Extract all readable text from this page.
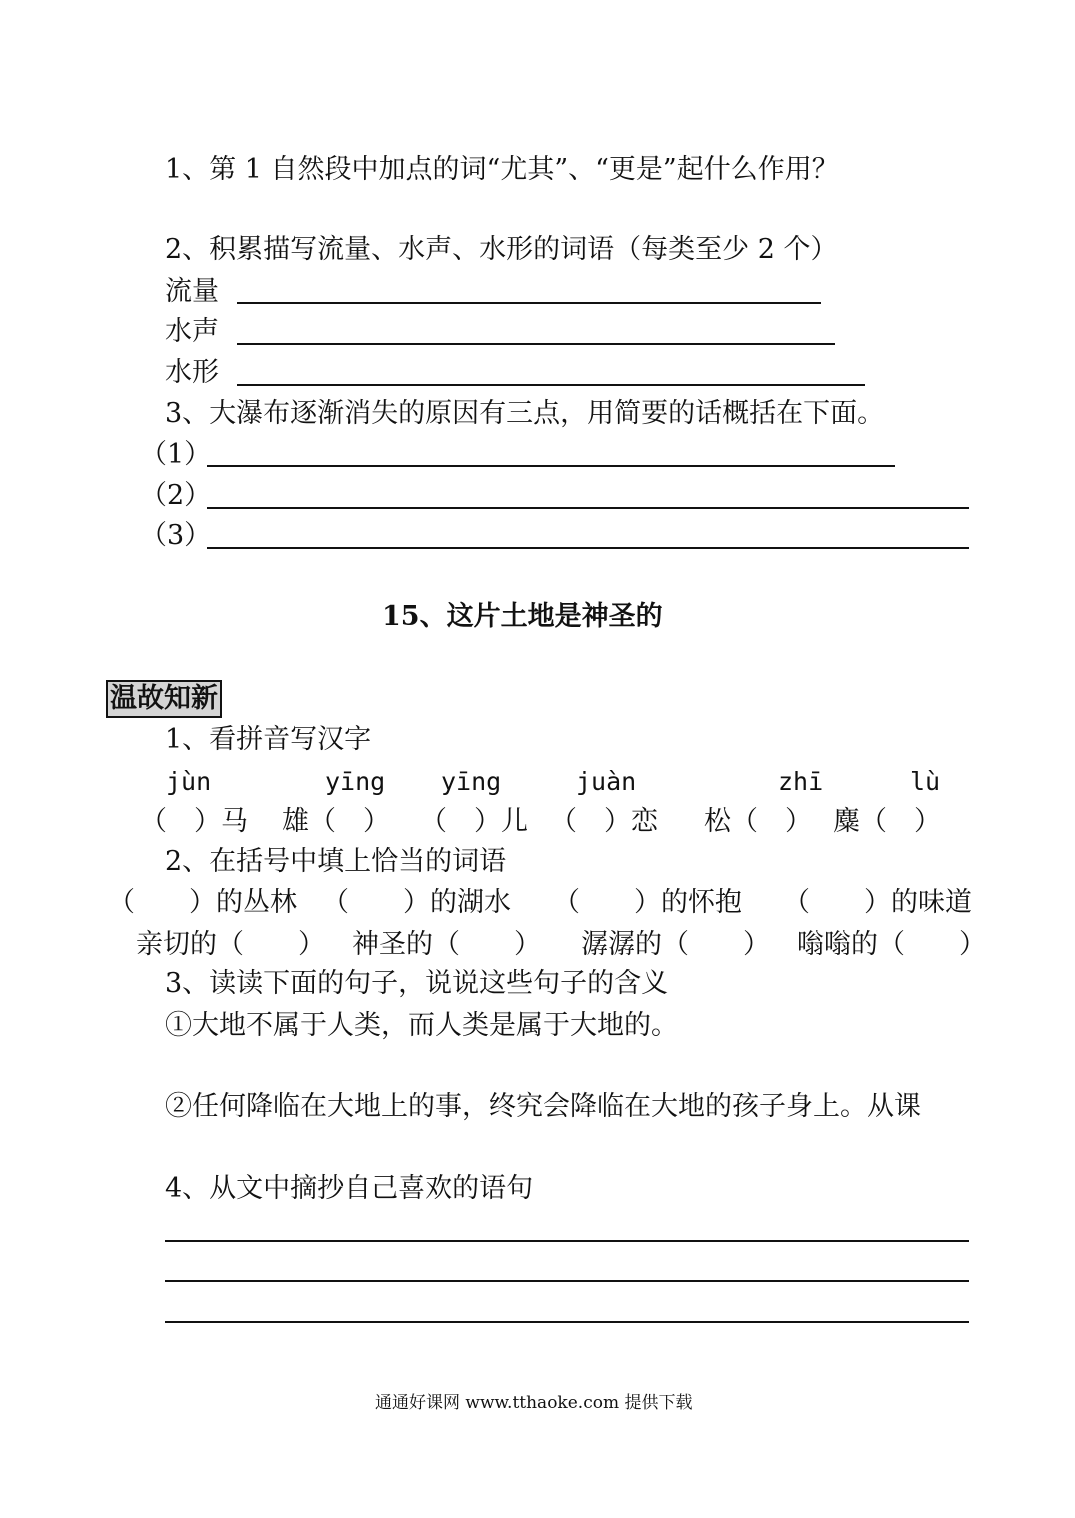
1、第 1 自然段中加点的词“尤其”、“更是”起什么作用？
2、积累描写流量、水声、水形的词语（每类至少 2 个）
流量
水声
水形
3、大瀑布逐渐消失的原因有三点，用简要的话概括在下面。
（1）
（2）
（3）
15、这片土地是神圣的
温故知新
1、看拼音写汉字
jùn	yīng yīng	juàn	zhī	lù
（　）马 雄（　） （　）儿 （　）恋 松（　） 麋（　）
2、在括号中填上恰当的词语
（　　）的丛林 （　　）的湖水 （　　）的怀抱 （　　）的味道
亲切的（　　） 神圣的（　　） 潺潺的（　　） 嗡嗡的（　　）
3、读读下面的句子，说说这些句子的含义
①大地不属于人类，而人类是属于大地的。
②任何降临在大地上的事，终究会降临在大地的孩子身上。从课
4、从文中摘抄自己喜欢的语句
通通好课网 www.tthaoke.com 提供下载
